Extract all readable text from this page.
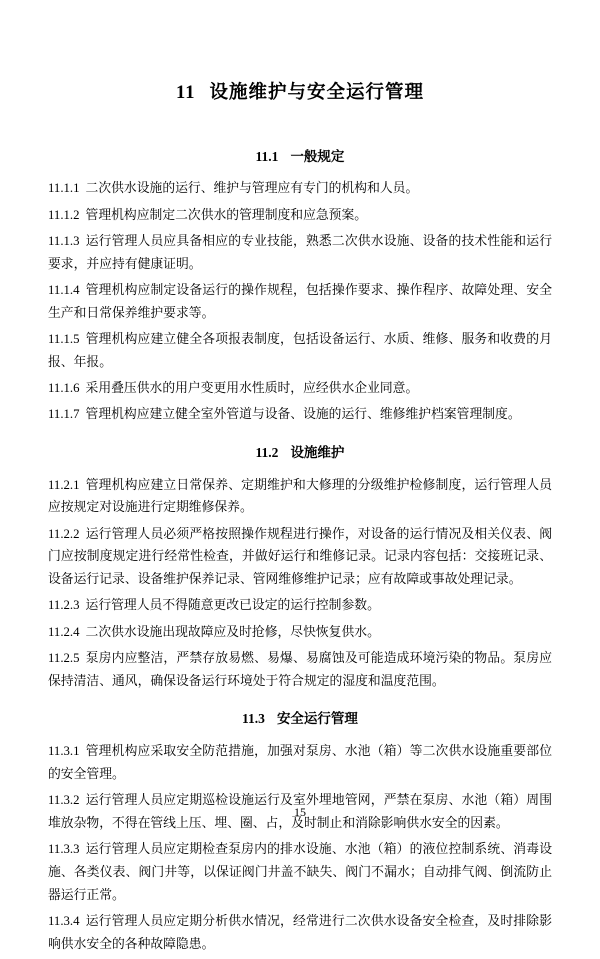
11 设施维护与安全运行管理
11.1 一般规定

11.1.1 二次供水设施的运行、维护与管理应有专门的机构和人员。

11.1.2 管理机构应制定二次供水的管理制度和应急预案。

11.1.3 运行管理人员应具备相应的专业技能，熟悉二次供水设施、设备的技术性能和运行要求，并应持有健康证明。

11.1.4 管理机构应制定设备运行的操作规程，包括操作要求、操作程序、故障处理、安全生产和日常保养维护要求等。

11.1.5 管理机构应建立健全各项报表制度，包括设备运行、水质、维修、服务和收费的月报、年报。

11.1.6 采用叠压供水的用户变更用水性质时，应经供水企业同意。

11.1.7 管理机构应建立健全室外管道与设备、设施的运行、维修维护档案管理制度。

11.2 设施维护

11.2.1 管理机构应建立日常保养、定期维护和大修理的分级维护检修制度，运行管理人员应按规定对设施进行定期维修保养。

11.2.2 运行管理人员必须严格按照操作规程进行操作，对设备的运行情况及相关仪表、阀门应按制度规定进行经常性检查，并做好运行和维修记录。记录内容包括：交接班记录、设备运行记录、设备维护保养记录、管网维修维护记录；应有故障或事故处理记录。

11.2.3 运行管理人员不得随意更改已设定的运行控制参数。

11.2.4 二次供水设施出现故障应及时抢修，尽快恢复供水。

11.2.5 泵房内应整洁，严禁存放易燃、易爆、易腐蚀及可能造成环境污染的物品。泵房应保持清洁、通风，确保设备运行环境处于符合规定的湿度和温度范围。

11.3 安全运行管理

11.3.1 管理机构应采取安全防范措施，加强对泵房、水池（箱）等二次供水设施重要部位的安全管理。

11.3.2 运行管理人员应定期巡检设施运行及室外埋地管网，严禁在泵房、水池（箱）周围堆放杂物，不得在管线上压、埋、圈、占，及时制止和消除影响供水安全的因素。

11.3.3 运行管理人员应定期检查泵房内的排水设施、水池（箱）的液位控制系统、消毒设施、各类仪表、阀门井等，以保证阀门井盖不缺失、阀门不漏水；自动排气阀、倒流防止器运行正常。

11.3.4 运行管理人员应定期分析供水情况，经常进行二次供水设备安全检查，及时排除影响供水安全的各种故障隐患。

15
